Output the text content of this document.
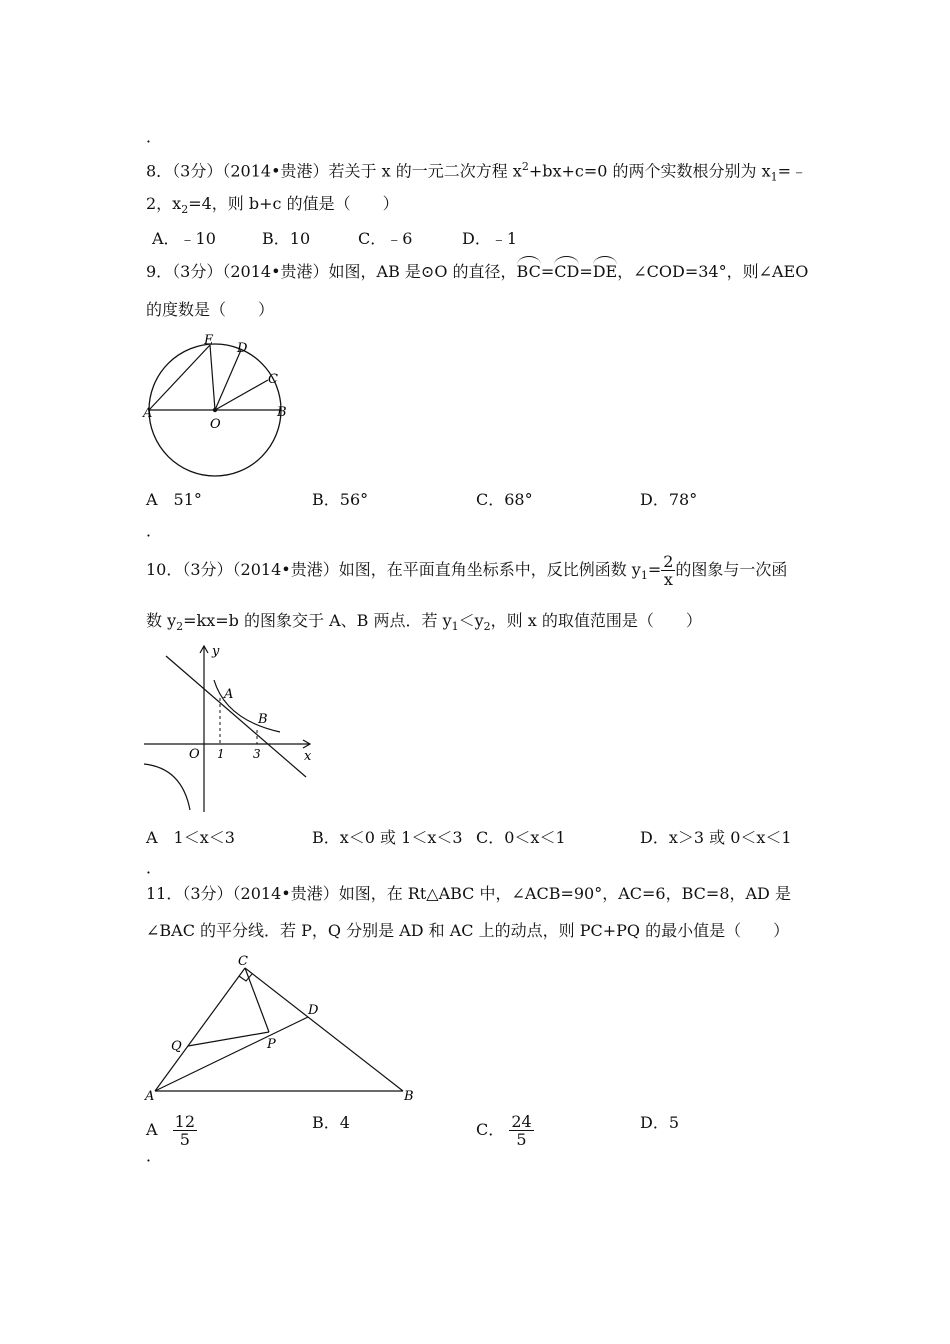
．
8．（3分）（2014•贵港）若关于 x 的一元二次方程 $x^2+bx+c=0$ 的两个实数根分别为 $x_1=﹣$
2，$x_2=4$，则 b+c 的值是（　　）
A．﹣10	B．10	C．﹣6	D．﹣1
9．（3分）（2014•贵港）如图，AB 是⊙O 的直径，BC=CD=DE，∠COD=34°，则∠AEO
的度数是（　　）
E
D
C
A	B
O
A　51°	B．56°	C．68°	D．78°
．
10．（3分）（2014•贵港）如图，在平面直角坐标系中，反比例函数 $y_1= \frac{2}{x}$ 的图象与一次函
数 $y_2=kx=b$ 的图象交于 A、B 两点．若 $y_1<y_2$，则 x 的取值范围是（　　）
y
A
B
O 1 3	x
A　1＜x＜3	B．x＜0 或 1＜x＜3 C．0＜x＜1	D．x＞3 或 0＜x＜1
．
11．（3分）（2014•贵港）如图，在 Rt△ABC 中，∠ACB=90°，AC=6，BC=8，AD 是
∠BAC 的平分线．若 P，Q 分别是 AD 和 AC 上的动点，则 PC+PQ 的最小值是（　　）
C
D
Q	P
A	B
A $\frac{12}{5}$	B．4	C． $\frac{24}{5}$	D．5
．
